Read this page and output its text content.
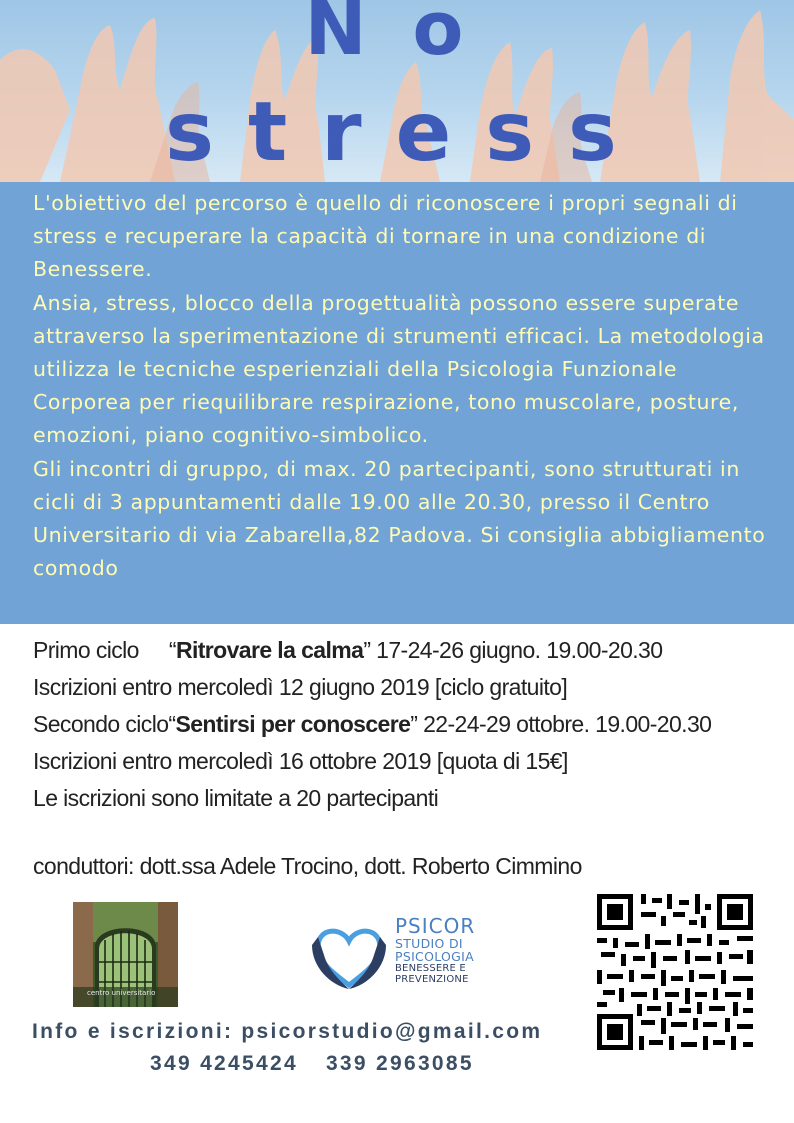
No
stress

L'obiettivo del percorso è quello di riconoscere i propri segnali di stress e recuperare la capacità di tornare in una condizione di Benessere.

Ansia, stress, blocco della progettualità possono essere superate attraverso la sperimentazione di strumenti efficaci. La metodologia utilizza le tecniche esperienziali della Psicologia Funzionale Corporea per riequilibrare respirazione, tono muscolare, posture, emozioni, piano cognitivo-simbolico.

Gli incontri di gruppo, di max. 20 partecipanti, sono strutturati in cicli di 3 appuntamenti dalle 19.00 alle 20.30, presso il Centro Universitario di via Zabarella,82 Padova. Si consiglia abbigliamento comodo

Primo ciclo “Ritrovare la calma” 17-24-26 giugno. 19.00-20.30
Iscrizioni entro mercoledì 12 giugno 2019 [ciclo gratuito]
Secondo ciclo“Sentirsi per conoscere” 22-24-29 ottobre. 19.00-20.30
Iscrizioni entro mercoledì 16 ottobre 2019 [quota di 15€]
Le iscrizioni sono limitate a 20 partecipanti
conduttori: dott.ssa Adele Trocino, dott. Roberto Cimmino
centro universitario
PSICOR
STUDIO DI
PSICOLOGIA
BENESSERE E
PREVENZIONE
Info e iscrizioni: psicorstudio@gmail.com
349 4245424 339 2963085
